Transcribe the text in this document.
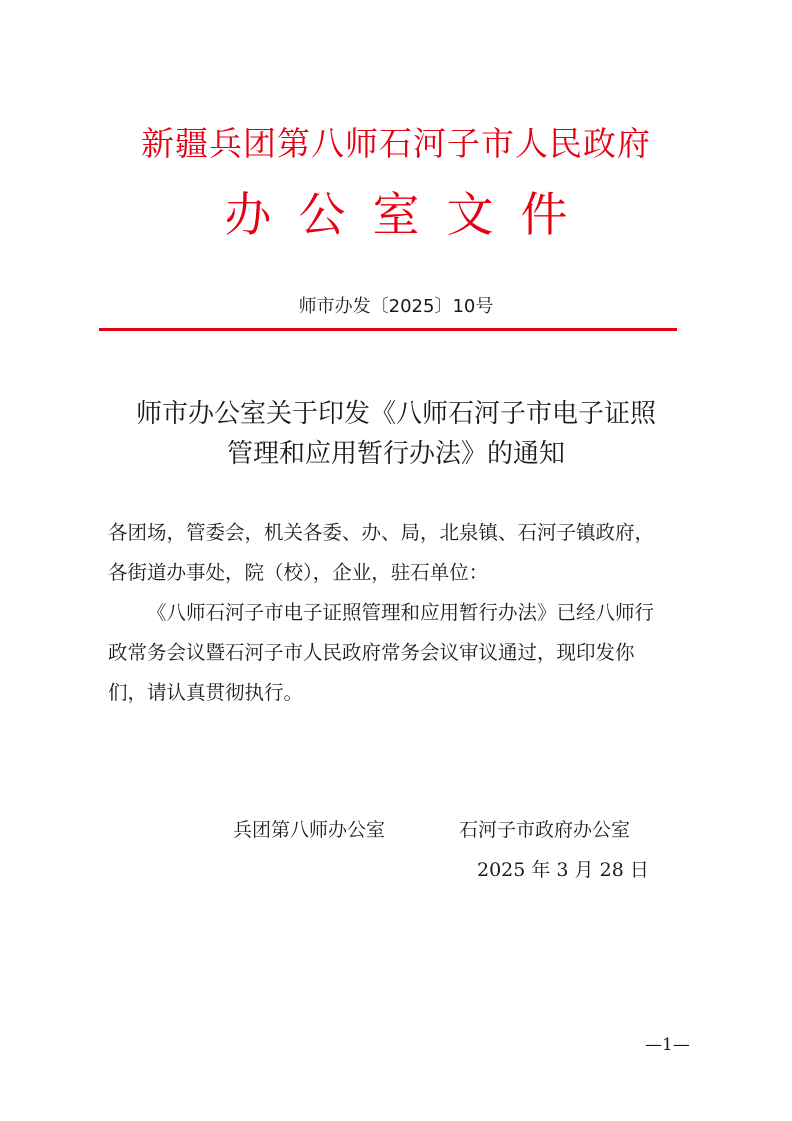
新疆兵团第八师石河子市人民政府
办公室文件
师市办发〔2025〕10号
师市办公室关于印发《八师石河子市电子证照
管理和应用暂行办法》的通知
各团场，管委会，机关各委、办、局，北泉镇、石河子镇政府，
各街道办事处，院（校），企业，驻石单位：
《八师石河子市电子证照管理和应用暂行办法》已经八师行
政常务会议暨石河子市人民政府常务会议审议通过，现印发你
们，请认真贯彻执行。
兵团第八师办公室	石河子市政府办公室
2025 年 3 月 28 日
—1—
